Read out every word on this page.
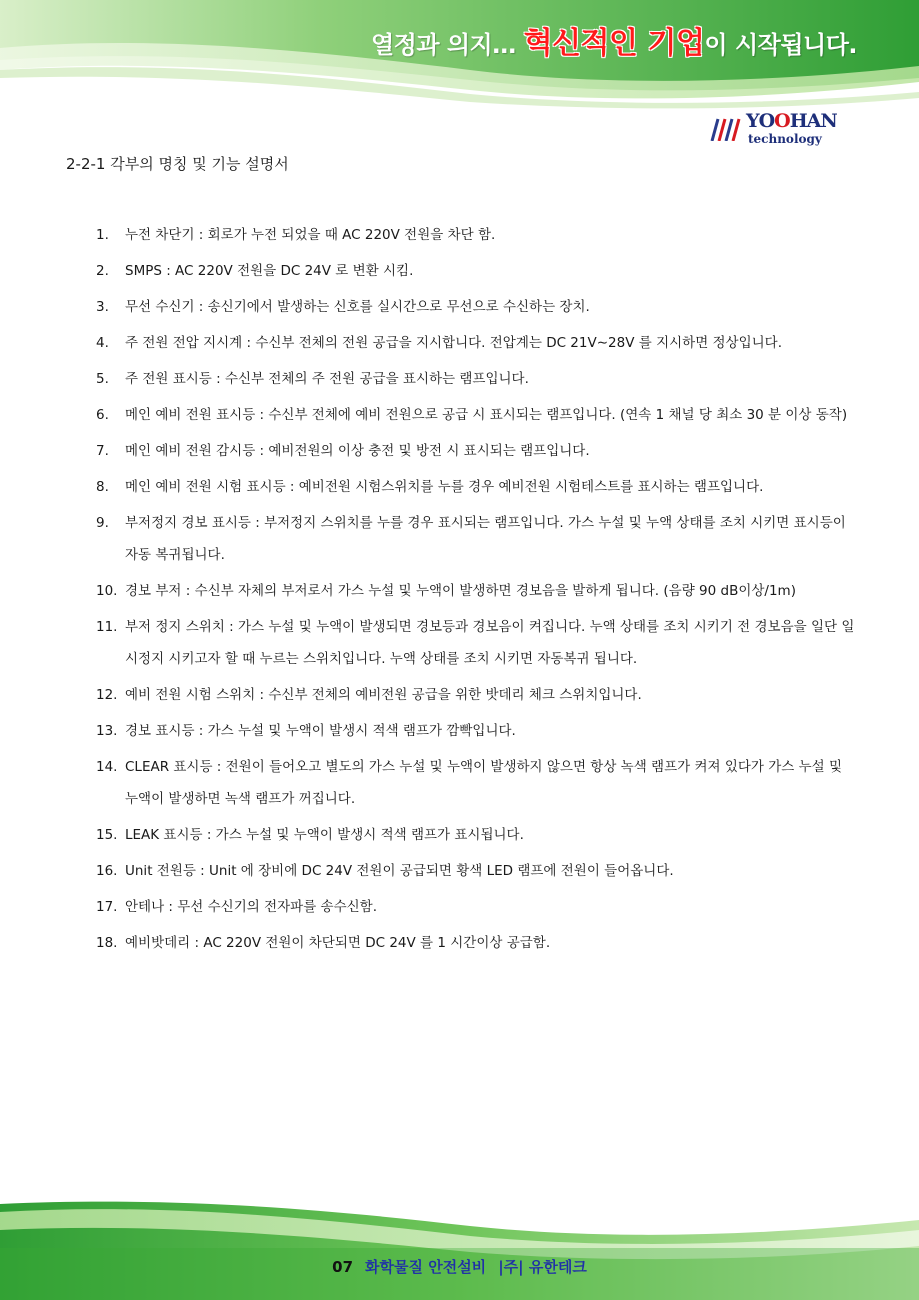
열정과 의지… 혁신적인 기업이 시작됩니다.
YOOHAN
technology
2-2-1 각부의 명칭 및 기능 설명서
1. 누전 차단기 : 회로가 누전 되었을 때 AC 220V 전원을 차단 함.
2. SMPS : AC 220V 전원을 DC 24V 로 변환 시킴.
3. 무선 수신기 : 송신기에서 발생하는 신호를 실시간으로 무선으로 수신하는 장치.
4. 주 전원 전압 지시계 : 수신부 전체의 전원 공급을 지시합니다. 전압계는 DC 21V∼28V 를 지시하면 정상입니다.
5. 주 전원 표시등 : 수신부 전체의 주 전원 공급을 표시하는 램프입니다.
6. 메인 예비 전원 표시등 : 수신부 전체에 예비 전원으로 공급 시 표시되는 램프입니다. (연속 1 채널 당 최소 30 분 이상 동작)
7. 메인 예비 전원 감시등 : 예비전원의 이상 충전 및 방전 시 표시되는 램프입니다.
8. 메인 예비 전원 시험 표시등 : 예비전원 시험스위치를 누를 경우 예비전원 시험테스트를 표시하는 램프입니다.
9. 부저정지 경보 표시등 : 부저정지 스위치를 누를 경우 표시되는 램프입니다. 가스 누설 및 누액 상태를 조치 시키면 표시등이 자동 복귀됩니다.
10. 경보 부저 : 수신부 자체의 부저로서 가스 누설 및 누액이 발생하면 경보음을 발하게 됩니다. (음량 90 dB이상/1m)
11. 부저 정지 스위치 : 가스 누설 및 누액이 발생되면 경보등과 경보음이 켜집니다. 누액 상태를 조치 시키기 전 경보음을 일단 일시정지 시키고자 할 때 누르는 스위치입니다. 누액 상태를 조치 시키면 자동복귀 됩니다.
12. 예비 전원 시험 스위치 : 수신부 전체의 예비전원 공급을 위한 밧데리 체크 스위치입니다.
13. 경보 표시등 : 가스 누설 및 누액이 발생시 적색 램프가 깜빡입니다.
14. CLEAR 표시등 : 전원이 들어오고 별도의 가스 누설 및 누액이 발생하지 않으면 항상 녹색 램프가 켜져 있다가 가스 누설 및 누액이 발생하면 녹색 램프가 꺼집니다.
15. LEAK 표시등 : 가스 누설 및 누액이 발생시 적색 램프가 표시됩니다.
16. Unit 전원등 : Unit 에 장비에 DC 24V 전원이 공급되면 황색 LED 램프에 전원이 들어옵니다.
17. 안테나 : 무선 수신기의 전자파를 송수신함.
18. 예비밧데리 : AC 220V 전원이 차단되면 DC 24V 를 1 시간이상 공급함.
07 화학물질 안전설비 |주| 유한테크
